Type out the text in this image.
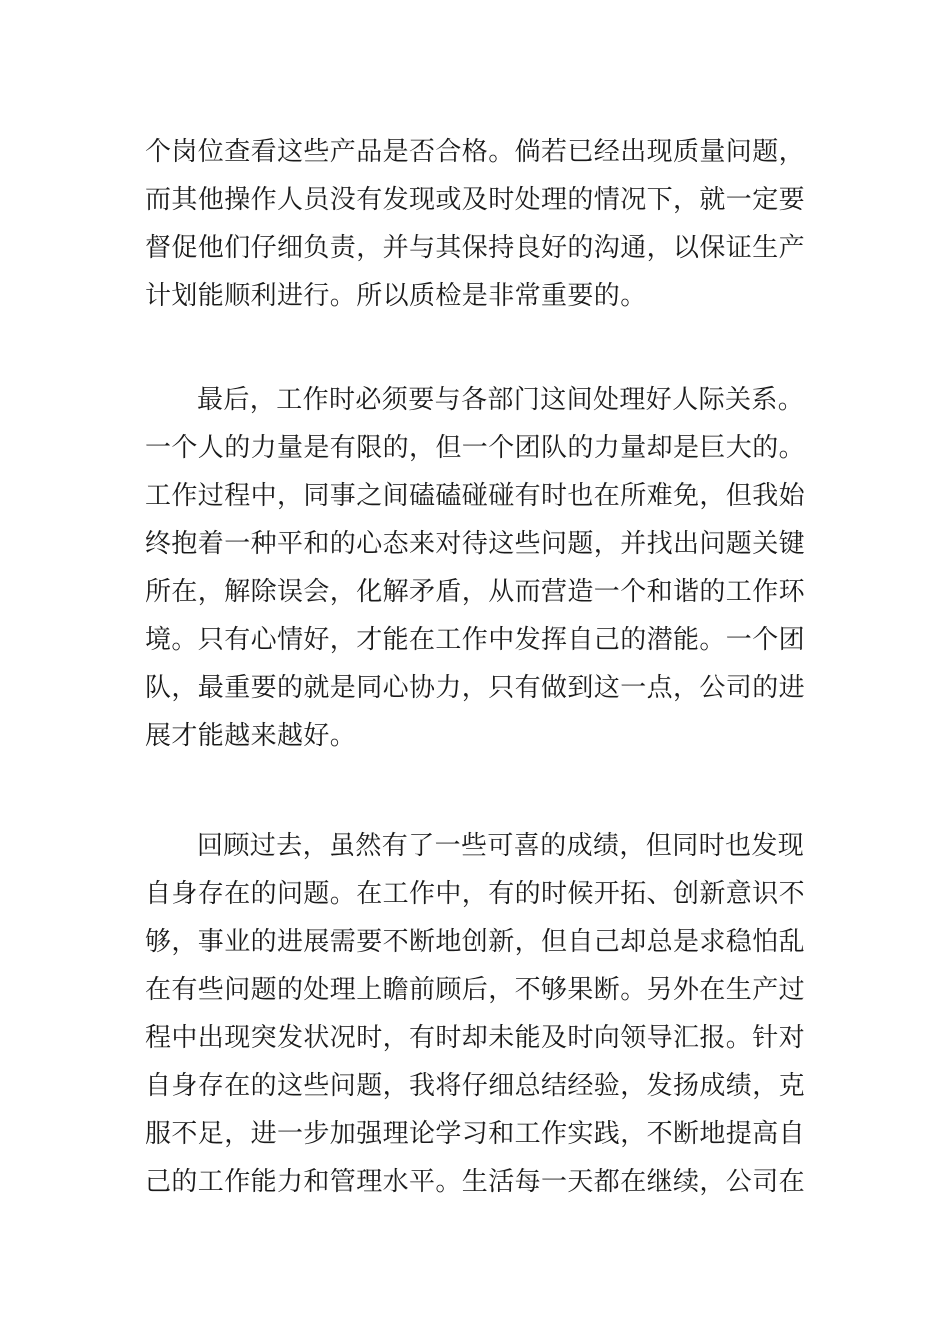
个岗位查看这些产品是否合格。倘若已经出现质量问题，
而其他操作人员没有发现或及时处理的情况下，就一定要
督促他们仔细负责，并与其保持良好的沟通，以保证生产
计划能顺利进行。所以质检是非常重要的。
最后，工作时必须要与各部门这间处理好人际关系。
一个人的力量是有限的，但一个团队的力量却是巨大的。
工作过程中，同事之间磕磕碰碰有时也在所难免，但我始
终抱着一种平和的心态来对待这些问题，并找出问题关键
所在，解除误会，化解矛盾，从而营造一个和谐的工作环
境。只有心情好，才能在工作中发挥自己的潜能。一个团
队，最重要的就是同心协力，只有做到这一点，公司的进
展才能越来越好。
回顾过去，虽然有了一些可喜的成绩，但同时也发现
自身存在的问题。在工作中，有的时候开拓、创新意识不
够，事业的进展需要不断地创新，但自己却总是求稳怕乱
在有些问题的处理上瞻前顾后，不够果断。另外在生产过
程中出现突发状况时，有时却未能及时向领导汇报。针对
自身存在的这些问题，我将仔细总结经验，发扬成绩，克
服不足，进一步加强理论学习和工作实践，不断地提高自
己的工作能力和管理水平。生活每一天都在继续，公司在
